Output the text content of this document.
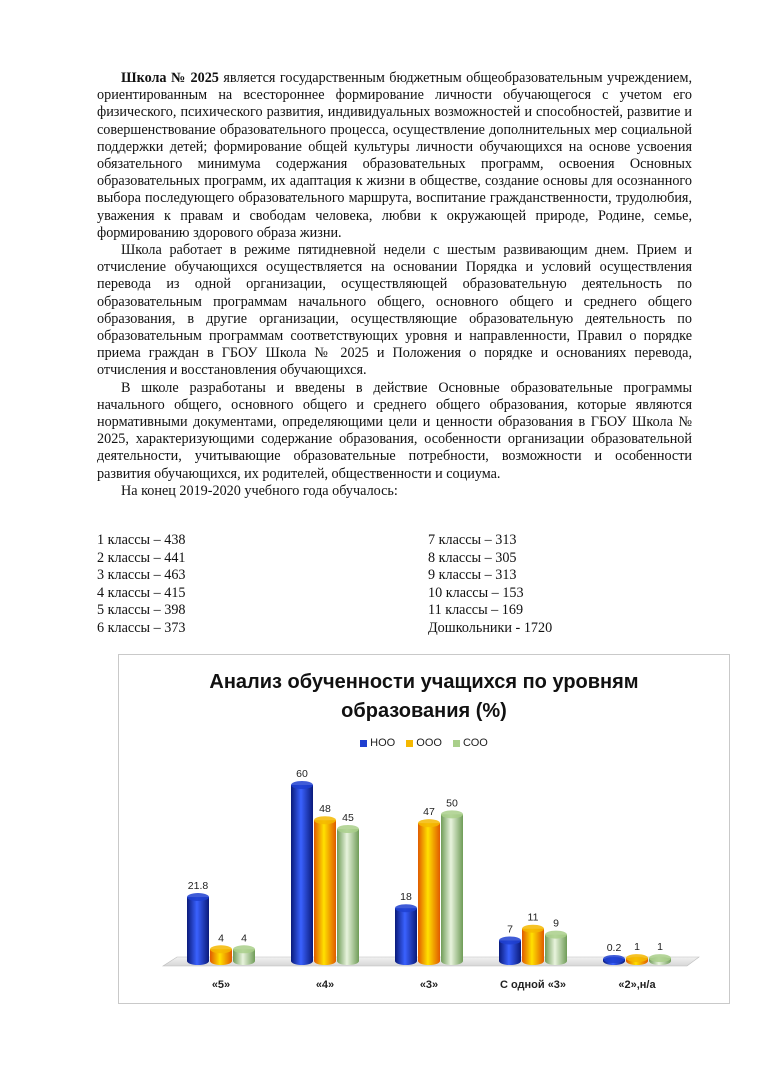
Школа № 2025 является государственным бюджетным общеобразовательным учреждением, ориентированным на всестороннее формирование личности обучающегося с учетом его физического, психического развития, индивидуальных возможностей и способностей, развитие и совершенствование образовательного процесса, осуществление дополнительных мер социальной поддержки детей; формирование общей культуры личности обучающихся на основе усвоения обязательного минимума содержания образовательных программ, освоения Основных образовательных программ, их адаптация к жизни в обществе, создание основы для осознанного выбора последующего образовательного маршрута, воспитание гражданственности, трудолюбия, уважения к правам и свободам человека, любви к окружающей природе, Родине, семье, формированию здорового образа жизни.

Школа работает в режиме пятидневной недели с шестым развивающим днем. Прием и отчисление обучающихся осуществляется на основании Порядка и условий осуществления перевода из одной организации, осуществляющей образовательную деятельность по образовательным программам начального общего, основного общего и среднего общего образования, в другие организации, осуществляющие образовательную деятельность по образовательным программам соответствующих уровня и направленности, Правил о порядке приема граждан в ГБОУ Школа № 2025 и Положения о порядке и основаниях перевода, отчисления и восстановления обучающихся.

В школе разработаны и введены в действие Основные образовательные программы начального общего, основного общего и среднего общего образования, которые являются нормативными документами, определяющими цели и ценности образования в ГБОУ Школа № 2025, характеризующими содержание образования, особенности организации образовательной деятельности, учитывающие образовательные потребности, возможности и особенности развития обучающихся, их родителей, общественности и социума.

На конец 2019-2020 учебного года обучалось:

1 классы – 438
2 классы – 441
3 классы – 463
4 классы – 415
5 классы – 398
6 классы – 373
7 классы – 313
8 классы – 305
9 классы – 313
10 классы – 153
11 классы – 169
Дошкольники - 1720
Анализ обученности учащихся по уровням
образования (%)
НОО ООО СОО
21.8
4 4
«5»
60
48
45
«4»
18
47
50
«3»
7
11 9
С одной «3»
0.2 1 1
«2»,н/а
